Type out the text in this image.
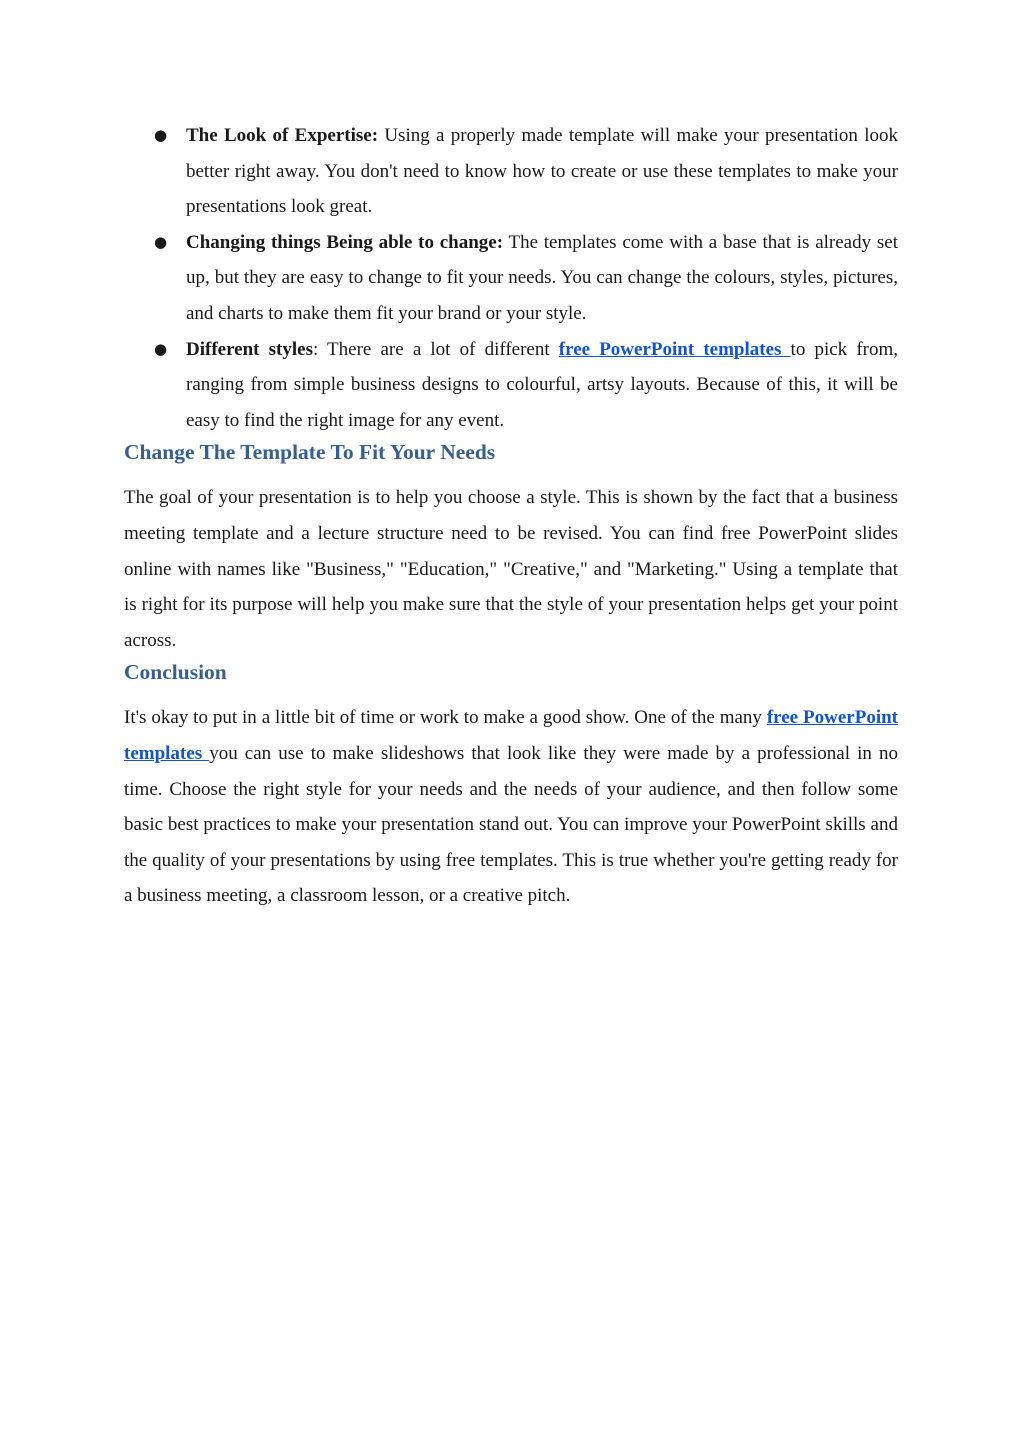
● The Look of Expertise: Using a properly made template will make your presentation look better right away. You don't need to know how to create or use these templates to make your presentations look great.
● Changing things Being able to change: The templates come with a base that is already set up, but they are easy to change to fit your needs. You can change the colours, styles, pictures, and charts to make them fit your brand or your style.
● Different styles: There are a lot of different free PowerPoint templates to pick from, ranging from simple business designs to colourful, artsy layouts. Because of this, it will be easy to find the right image for any event.
Change The Template To Fit Your Needs

The goal of your presentation is to help you choose a style. This is shown by the fact that a business meeting template and a lecture structure need to be revised. You can find free PowerPoint slides online with names like "Business," "Education," "Creative," and "Marketing." Using a template that is right for its purpose will help you make sure that the style of your presentation helps get your point across.

Conclusion

It's okay to put in a little bit of time or work to make a good show. One of the many free PowerPoint templates you can use to make slideshows that look like they were made by a professional in no time. Choose the right style for your needs and the needs of your audience, and then follow some basic best practices to make your presentation stand out. You can improve your PowerPoint skills and the quality of your presentations by using free templates. This is true whether you're getting ready for a business meeting, a classroom lesson, or a creative pitch.
